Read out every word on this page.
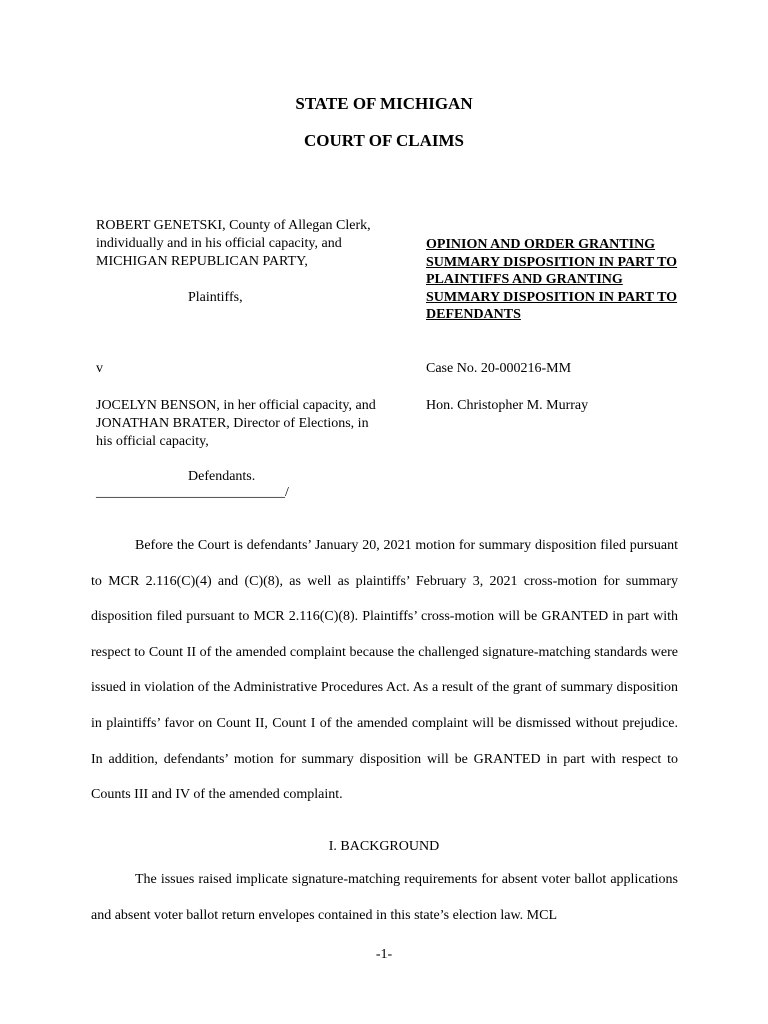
STATE OF MICHIGAN
COURT OF CLAIMS
ROBERT GENETSKI, County of Allegan Clerk,
individually and in his official capacity, and
MICHIGAN REPUBLICAN PARTY,
Plaintiffs,
v
JOCELYN BENSON, in her official capacity, and
JONATHAN BRATER, Director of Elections, in
his official capacity,
Defendants.
___________________________/
OPINION AND ORDER GRANTING
SUMMARY DISPOSITION IN PART TO
PLAINTIFFS AND GRANTING
SUMMARY DISPOSITION IN PART TO
DEFENDANTS
Case No. 20-000216-MM
Hon. Christopher M. Murray

Before the Court is defendants’ January 20, 2021 motion for summary disposition filed pursuant to MCR 2.116(C)(4) and (C)(8), as well as plaintiffs’ February 3, 2021 cross-motion for summary disposition filed pursuant to MCR 2.116(C)(8). Plaintiffs’ cross-motion will be GRANTED in part with respect to Count II of the amended complaint because the challenged signature-matching standards were issued in violation of the Administrative Procedures Act. As a result of the grant of summary disposition in plaintiffs’ favor on Count II, Count I of the amended complaint will be dismissed without prejudice. In addition, defendants’ motion for summary disposition will be GRANTED in part with respect to Counts III and IV of the amended complaint.

I. BACKGROUND

The issues raised implicate signature-matching requirements for absent voter ballot applications and absent voter ballot return envelopes contained in this state’s election law. MCL

-1-
